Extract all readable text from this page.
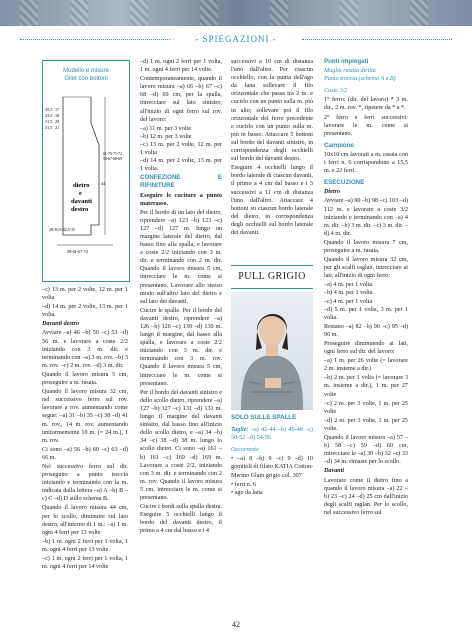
- SPIEGAZIONI -
Modello e misure
Gilet con bottoni
35,5 17
33,5 18
31,5 20
31,5 21
61-70-71-72
56-67-68-69
44
29-30,5-32,5-35
58-61-67-72
dietro
e
davanti
destro

–c) 13 m. per 2 volte, 12 m. per 1 volta

–d) 14 m. per 2 volte, 13 m. per 1 volta.

Davanti destro

Avviare –a) 46 –b) 50 –c) 53 –d) 56 m. e lavorare a coste 2/2 iniziando con 3 m. dir. e terminando con –a) 3 m. rov. –b) 3 m. rov. –c) 2 m. rov. –d) 3 m. dir.

Quando il lavoro misura 5 cm, proseguire a m. rasata.

Quando il lavoro misura 32 cm, nel successivo ferro sul rov. lavorare a rov. aumentando come segue: –a) 31 –b) 35 –c) 38 –d) 41 m. rov., 14 m. rov. aumentando uniformemente 10 m. (= 24 m.), 1 m. rov.

Ci sono –a) 56 –b) 60 –c) 63 –d) 66 m.

Nel successivo ferro sul dir. proseguire a punto treccia iniziando e terminando con la m. indicata dalla lettera –a) A –b) B –c) C –d) D sullo schema B.

Quando il lavoro misura 44 cm, per lo scollo, diminuire sul lato destro, all'interno di 1 m.: –a) 1 m. ogni 4 ferri per 13 volte

–b) 1 m. ogni 2 ferri per 1 volta, 1 m. ogni 4 ferri per 13 volte

–c) 1 m. ogni 2 ferri per 1 volta, 1 m. ogni 4 ferri per 14 volte

–d) 1 m. ogni 2 ferri per 1 volta, 1 m. ogni 4 ferri per 14 volte.

Contemporaneamente, quando il lavoro misura –a) 66 –b) 67 –c) 68 –d) 69 cm, per la spalla, intrecciare sul lato sinistro, all'inizio di ogni ferro sul rov. del lavoro:

–a) 11 m. per 3 volte

–b) 12 m. per 3 volte

–c) 13 m. per 2 volte, 12 m. per 1 volta

–d) 14 m. per 2 volte, 13 m. per 1 volta.

CONFEZIONE E RIFINITURE

Eseguire le cuciture a punto materasso.

Per il bordo di un lato del dietro, riprendere –a) 123 –b) 123 –c) 127 –d) 127 m. lungo un margine laterale del dietro, dal basso fino alla spalla, e lavorare a coste 2/2 iniziando con 3 m. dir. e terminando con 2 m. dir. Quando il lavoro misura 5 cm, intrecciare le m. come si presentano. Lavorare allo stesso modo sull'altro lato del dietro e sul lato dei davanti.

Cucire le spalle. Per il bordo del davanti destro, riprendere –a) 126 –b) 126 –c) 130 –d) 130 m. lungo il margine, dal basso alla spalla, e lavorare a coste 2/2 iniziando con 3 m. dir. e terminando con 3 m. rov. Quando il lavoro misura 5 cm, intrecciare le m. come si presentano.

Per il bordo del davanti sinistro e dello scollo dietro, riprendere –a) 127 –b) 127 –c) 131 –d) 131 m. lungo il margine del davanti sinistro, dal basso fino all'inizio dello scollo dietro, e –a) 34 –b) 34 –c) 38 –d) 38 m. lungo lo scollo dietro. Ci sono –a) 161 –b) 161 –c) 169 –d) 169 m. Lavorare a coste 2/2, iniziando con 3 m. dir. e terminando con 2 m. rov. Quando il lavoro misura 5 cm, intrecciare le m. come si presentano.

Cucire i bordi sulla spalla destra. Eseguire 5 occhielli lungo il bordo del davanti destro, il primo a 4 cm dal basso e i 4

successivi a 10 cm di distanza l'uno dall'altro. Per ciascun occhiello, con la punta dell'ago da lana sollevare il filo orizzontale che passa tra 2 m. e cucirlo con un punto sulla m. più in alto; sollevare poi il filo orizzontale del ferro precedente e cucirlo con un punto sulla m. più in basso. Attaccare 5 bottoni sul bordo del davanti sinistro, in corrispondenza degli occhielli sul bordo del davanti destro.

Eseguire 4 occhielli lungo il bordo laterale di ciascun davanti, il primo a 4 cm dal basso e i 3 successivi a 11 cm di distanza l'uno dall'altro. Attaccare 4 bottoni su ciascun bordo laterale del dietro, in corrispondenza degli occhielli sul bordo laterale dei davanti.

PULL GRIGIO

SOLO SULLE SPALLE

Taglie: –a) 42-44 –b) 46-48 –c) 50-52 –d) 54-56

Occorrente

• –a) 8 –b) 9 –c) 9 –d) 10 gomitoli di filato KATIA Cotton-Merino Glam grigio col. 307

• ferri n. 6

• ago da lana

Punti impiegati

Maglia rasata diritta

Punto treccia (schema A e B)

Coste 3/2

1° ferro: (dir. del lavoro) * 3 m. dir., 2 m. rov. *, ripetere da * a *.

2° ferro e ferri successivi: lavorare le m. come si presentano.

Campione

10x10 cm lavorati a m. rasata con i ferri n. 6 corrispondono a 15,5 m. e 22 ferri.

ESECUZIONE

Dietro

Avviare –a) 90 –b) 98 –c) 103 –d) 112 m. e lavorare a coste 3/2 iniziando e terminando con –a) 4 m. dir. –b) 3 m. dir. –c) 3 m. dir. –d) 4 m. dir.

Quando il lavoro misura 7 cm, proseguire a m. rasata.

Quando il lavoro misura 32 cm, per gli scalfi raglan, intrecciare ai lati, all'inizio di ogni ferro:

–a) 4 m. per 1 volta

–b) 4 m. per 1 volta

–c) 4 m. per 1 volta

–d) 5 m. per 1 volta, 3 m. per 1 volta.

Restano –a) 82 –b) 90 –c) 95 –d) 96 m.

Proseguire diminuendo ai lati, ogni ferro sul dir. del lavoro:

–a) 1 m. per 26 volte (= lavorare 2 m. insieme a dir.)

–b) 2 m. per 1 volta (= lavorare 3 m. insieme a dir.), 1 m. per 27 volte

–c) 2 m. per 3 volte, 1 m. per 25 volte

–d) 2 m. per 3 volte, 1 m. per 25 volte.

Quando il lavoro misura –a) 57 –b) 58 –c) 59 –d) 60 cm, intrecciare le –a) 30 –b) 32 –c) 33 –d) 34 m. rimaste per lo scollo.

Davanti

Lavorare come il dietro fino a quando il lavoro misura –a) 22 –b) 23 –c) 24 –d) 25 cm dall'inizio degli scalfi raglan. Per lo scollo, nel successivo ferro sul

42
